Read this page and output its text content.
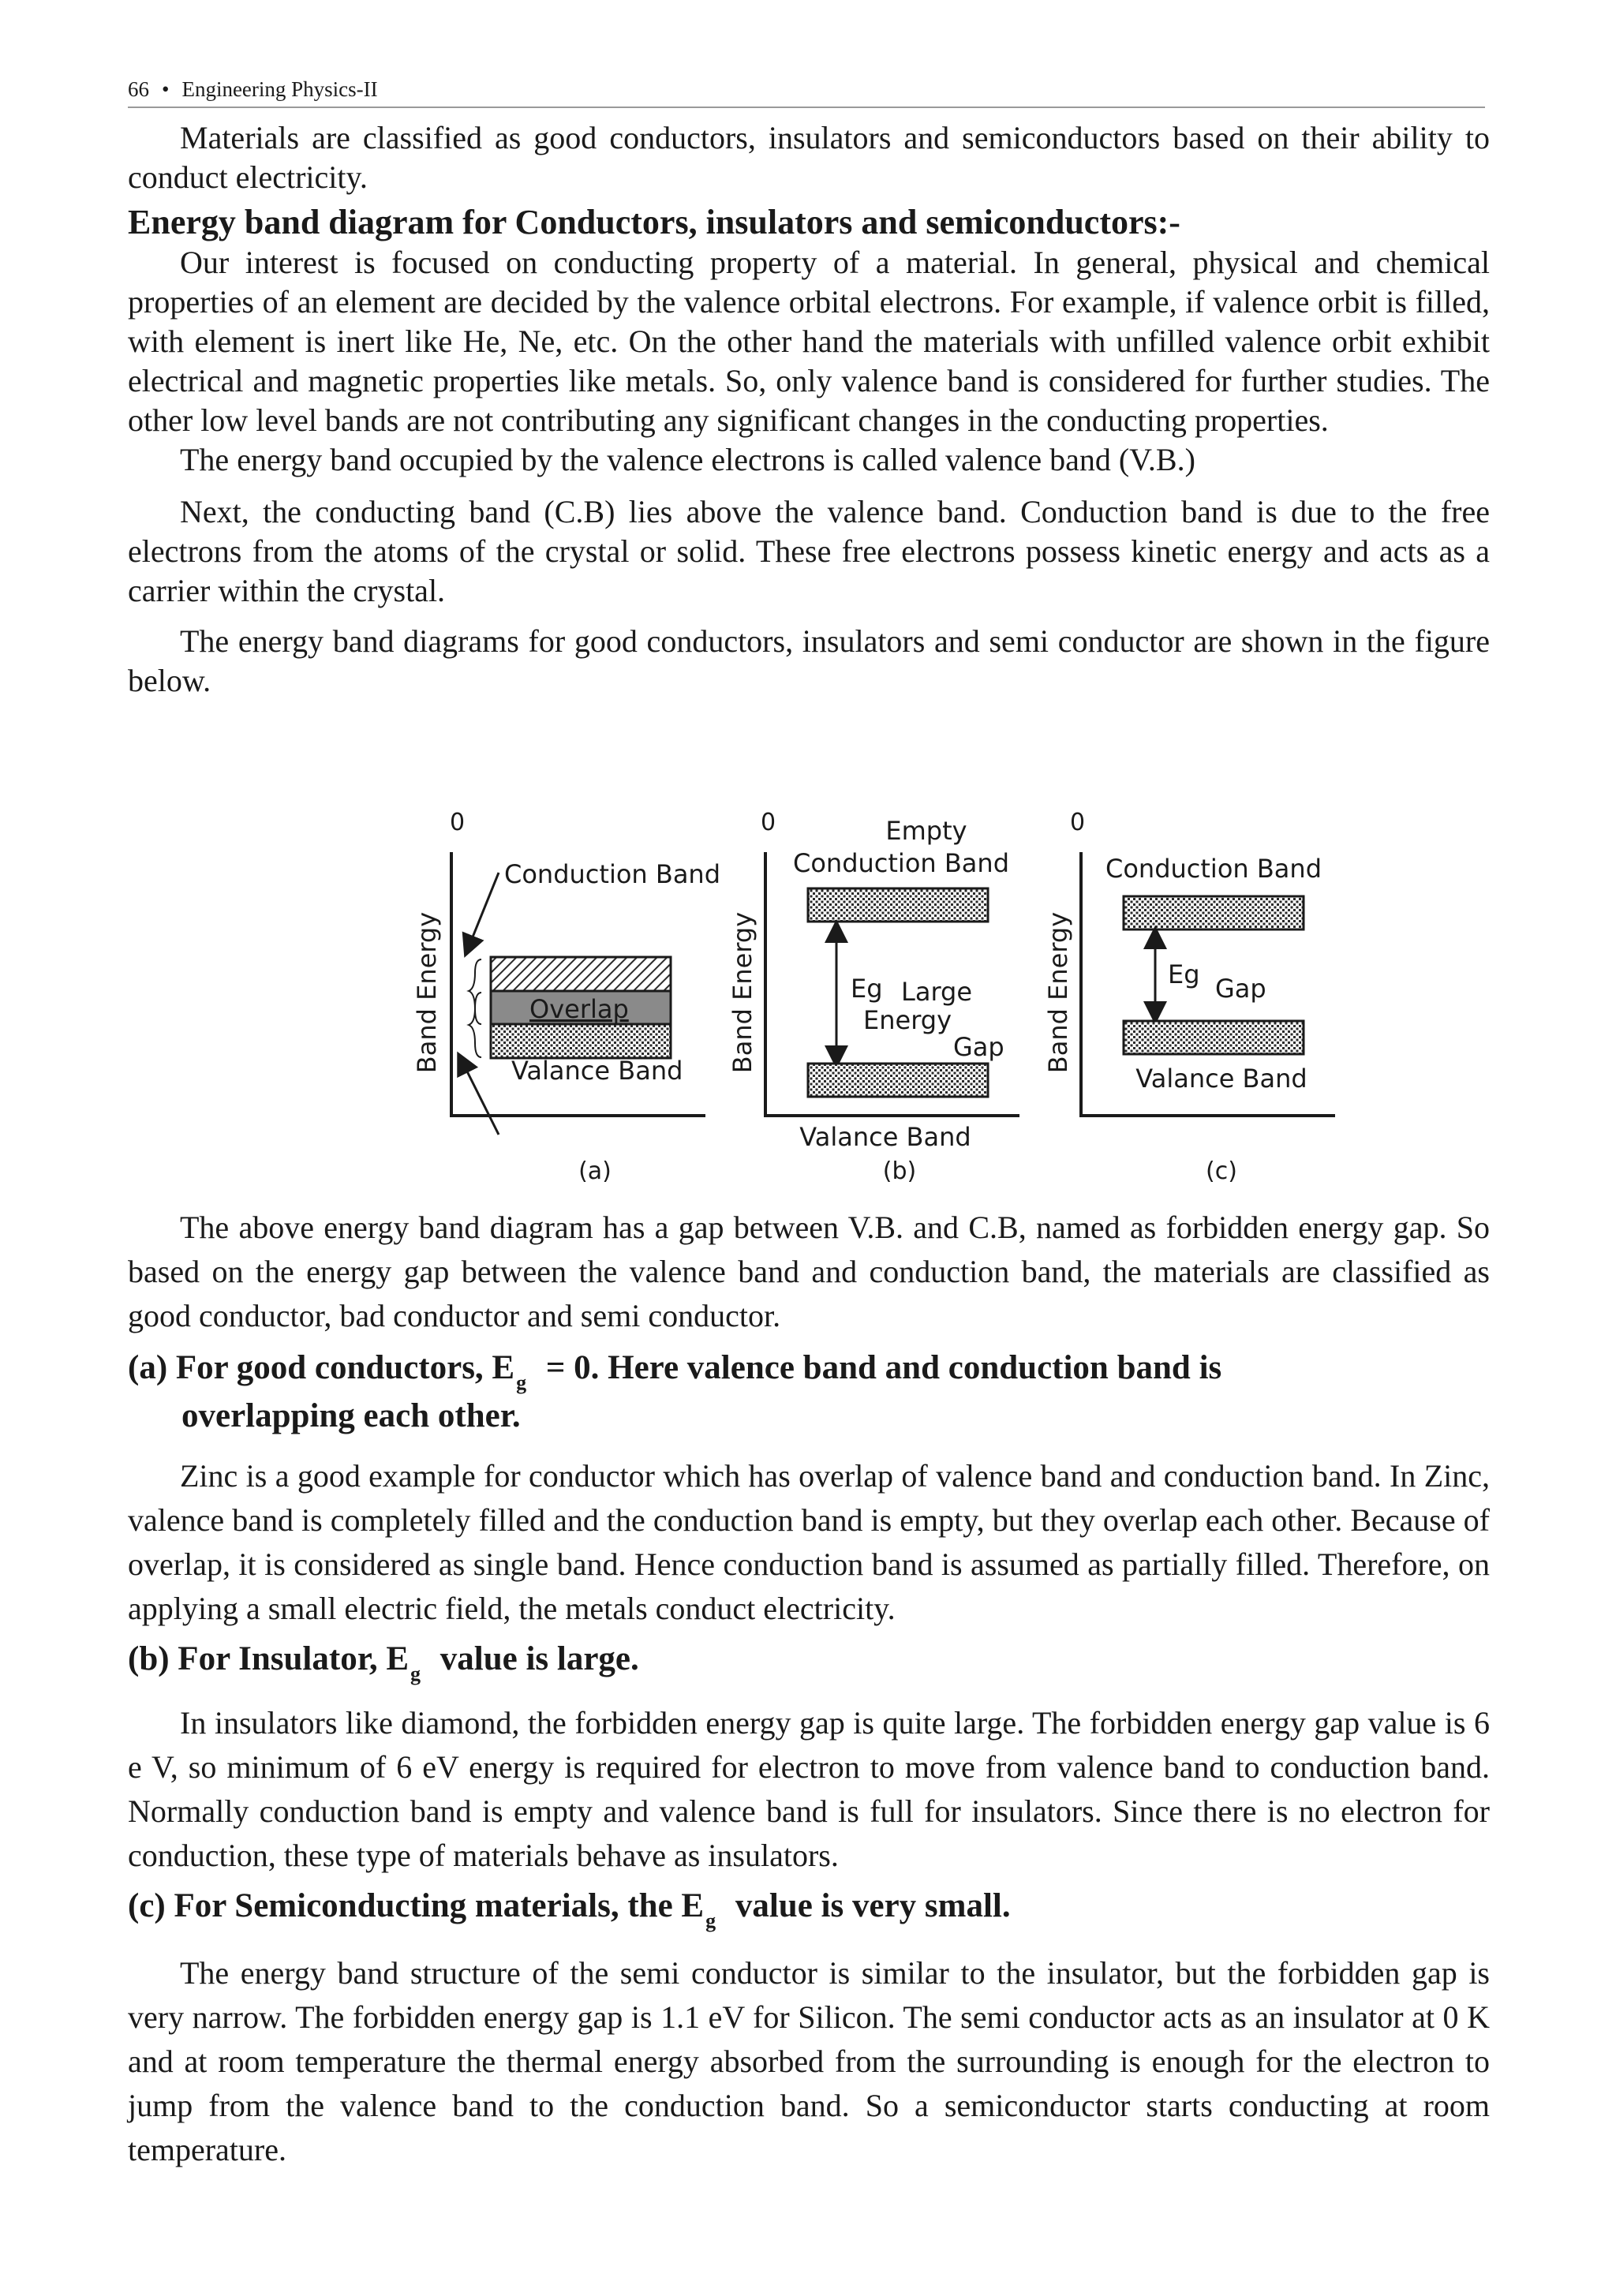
66 • Engineering Physics-II

Materials are classified as good conductors, insulators and semiconductors based on their ability to conduct electricity.

Energy band diagram for Conductors, insulators and semiconductors:-

Our interest is focused on conducting property of a material. In general, physical and chemical properties of an element are decided by the valence orbital electrons. For example, if valence orbit is filled, with element is inert like He, Ne, etc. On the other hand the materials with unfilled valence orbit exhibit electrical and magnetic properties like metals. So, only valence band is considered for further studies. The other low level bands are not contributing any significant changes in the conducting properties.

The energy band occupied by the valence electrons is called valence band (V.B.)

Next, the conducting band (C.B) lies above the valence band. Conduction band is due to the free electrons from the atoms of the crystal or solid. These free electrons possess kinetic energy and acts as a carrier within the crystal.

The energy band diagrams for good conductors, insulators and semi conductor are shown in the figure below.

0
Band Energy
Conduction Band
Overlap
Valance Band
(a)
0
Band Energy
Empty
Conduction Band
Eg Large
Energy
Gap
Valance Band
(b)
0
Band Energy
Conduction Band
Eg Gap
Valance Band
(c)

The above energy band diagram has a gap between V.B. and C.B, named as forbidden energy gap. So based on the energy gap between the valence band and conduction band, the materials are classified as good conductor, bad conductor and semi conductor.

(a) For good conductors, $E_g = 0$. Here valence band and conduction band is
overlapping each other.

Zinc is a good example for conductor which has overlap of valence band and conduction band. In Zinc, valence band is completely filled and the conduction band is empty, but they overlap each other. Because of overlap, it is considered as single band. Hence conduction band is assumed as partially filled. Therefore, on applying a small electric field, the metals conduct electricity.

(b) For Insulator, $E_g$ value is large.

In insulators like diamond, the forbidden energy gap is quite large. The forbidden energy gap value is 6 e V, so minimum of 6 eV energy is required for electron to move from valence band to conduction band. Normally conduction band is empty and valence band is full for insulators. Since there is no electron for conduction, these type of materials behave as insulators.

(c) For Semiconducting materials, the $E_g$ value is very small.

The energy band structure of the semi conductor is similar to the insulator, but the forbidden gap is very narrow. The forbidden energy gap is 1.1 eV for Silicon. The semi conductor acts as an insulator at 0 K and at room temperature the thermal energy absorbed from the surrounding is enough for the electron to jump from the valence band to the conduction band. So a semiconductor starts conducting at room temperature.
